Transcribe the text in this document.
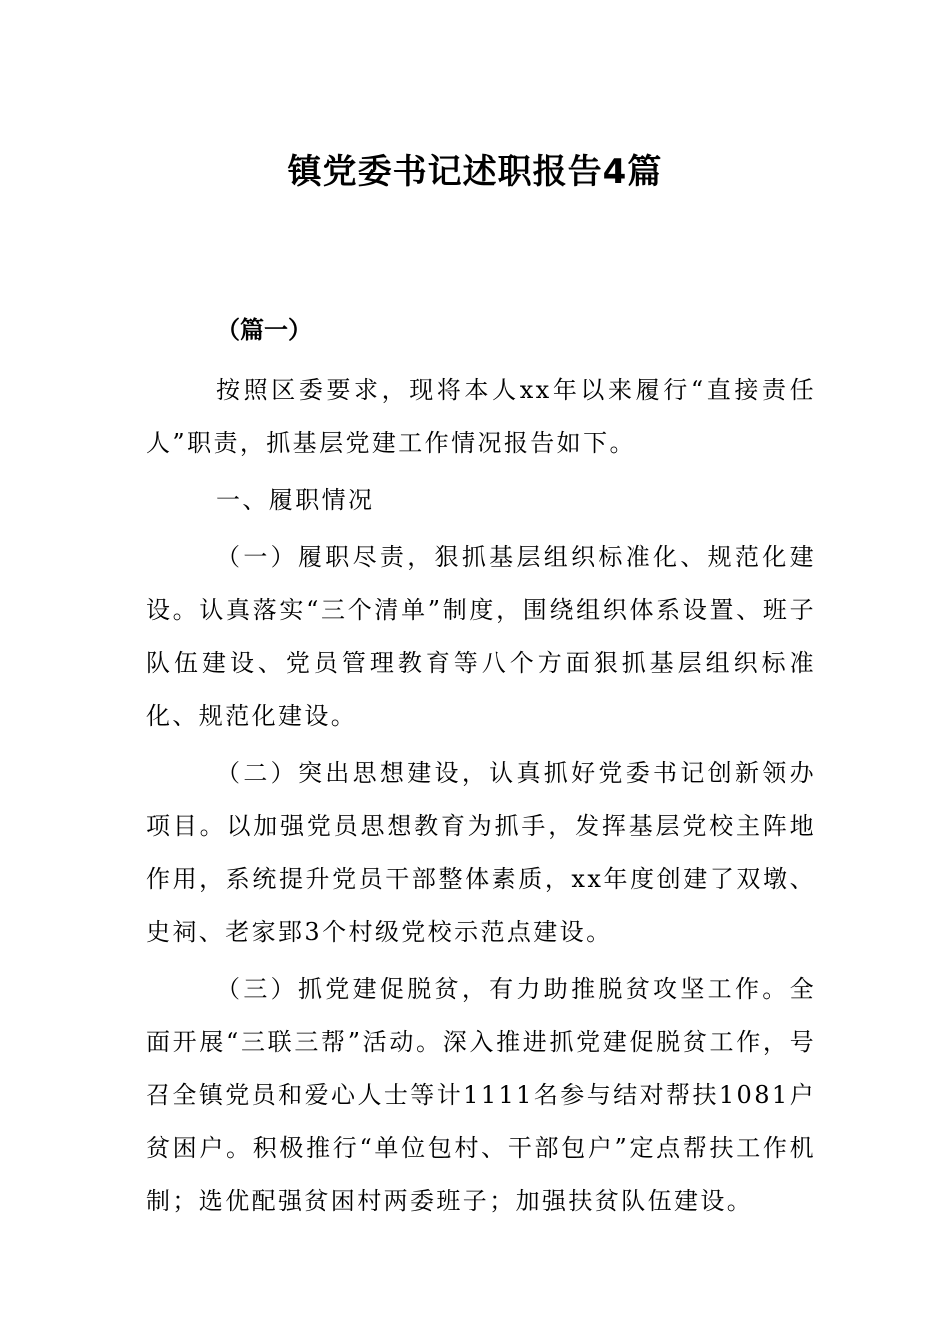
镇党委书记述职报告4篇

（篇一）

按照区委要求，现将本人xx年以来履行“直接责任人”职责，抓基层党建工作情况报告如下。

一、履职情况

（一）履职尽责，狠抓基层组织标准化、规范化建设。认真落实“三个清单”制度，围绕组织体系设置、班子队伍建设、党员管理教育等八个方面狠抓基层组织标准化、规范化建设。

（二）突出思想建设，认真抓好党委书记创新领办项目。以加强党员思想教育为抓手，发挥基层党校主阵地作用，系统提升党员干部整体素质，xx年度创建了双墩、史祠、老家郢3个村级党校示范点建设。

（三）抓党建促脱贫，有力助推脱贫攻坚工作。全面开展“三联三帮”活动。深入推进抓党建促脱贫工作，号召全镇党员和爱心人士等计1111名参与结对帮扶1081户贫困户。积极推行“单位包村、干部包户”定点帮扶工作机制；选优配强贫困村两委班子；加强扶贫队伍建设。
